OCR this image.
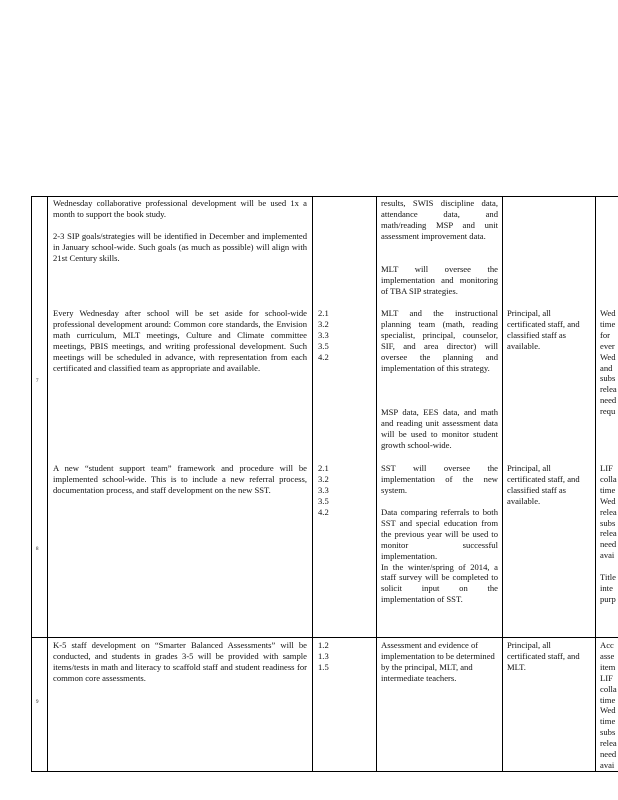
Wednesday collaborative professional development will be used 1x a month to support the book study.
2-3 SIP goals/strategies will be identified in December and implemented in January school-wide. Such goals (as much as possible) will align with 21st Century skills.
results, SWIS discipline data, attendance data, and math/reading MSP and unit assessment improvement data.
MLT will oversee the implementation and monitoring of TBA SIP strategies.
7
Every Wednesday after school will be set aside for school-wide professional development around: Common core standards, the Envision math curriculum, MLT meetings, Culture and Climate committee meetings, PBIS meetings, and writing professional development. Such meetings will be scheduled in advance, with representation from each certificated and classified team as appropriate and available.
2.1
3.2
3.3
3.5
4.2
MLT and the instructional planning team (math, reading specialist, principal, counselor, SIF, and area director) will oversee the planning and implementation of this strategy.
MSP data, EES data, and math and reading unit assessment data will be used to monitor student growth school-wide.
Principal, all certificated staff, and classified staff as available.
Wed
time
for
ever
Wed
and
subs
relea
need
requ
8
A new “student support team” framework and procedure will be implemented school-wide. This is to include a new referral process, documentation process, and staff development on the new SST.
2.1
3.2
3.3
3.5
4.2
SST will oversee the implementation of the new system.
Data comparing referrals to both SST and special education from the previous year will be used to monitor successful implementation.
In the winter/spring of 2014, a staff survey will be completed to solicit input on the implementation of SST.
Principal, all certificated staff, and classified staff as available.
LIF
colla
time
Wed
relea
subs
relea
need
avai

Title
inte
purp
9
K-5 staff development on “Smarter Balanced Assessments” will be conducted, and students in grades 3-5 will be provided with sample items/tests in math and literacy to scaffold staff and student readiness for common core assessments.
1.2
1.3
1.5
Assessment and evidence of implementation to be determined by the principal, MLT, and intermediate teachers.
Principal, all certificated staff, and MLT.
Acc
asse
item
LIF
colla
time
Wed
time
subs
relea
need
avai
